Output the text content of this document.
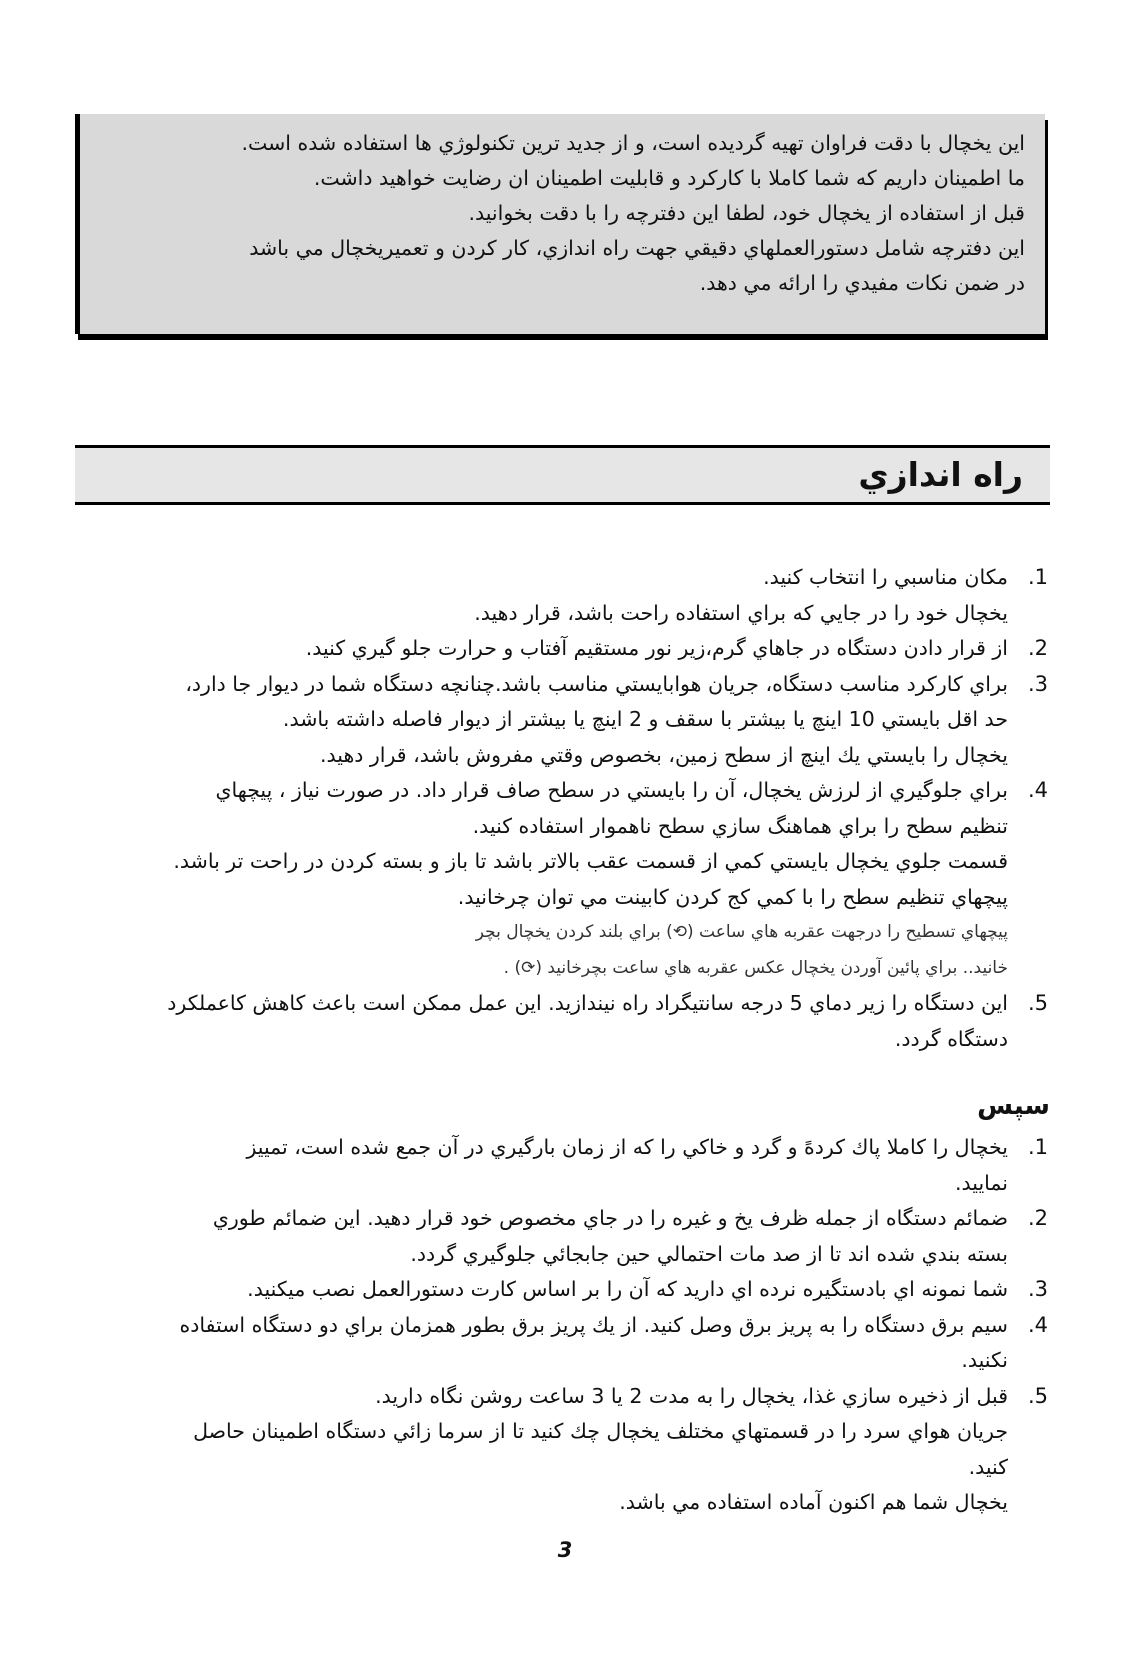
اين يخچال با دقت فراوان تهيه گرديده است، و از جديد ترين تكنولوژي ها استفاده شده است.

ما اطمينان داريم كه شما كاملا با كاركرد و قابليت اطمينان ان رضايت خواهيد داشت.

قبل از استفاده از يخچال خود، لطفا اين دفترچه را با دقت بخوانيد.

اين دفترچه شامل دستورالعملهاي دقيقي جهت راه اندازي، كار كردن و تعميريخچال مي باشد

در ضمن نكات مفيدي را ارائه مي دهد.

راه اندازي
1.
مكان مناسبي را انتخاب كنيد.
يخچال خود را در جايي كه براي استفاده راحت باشد، قرار دهيد.
2.
از قرار دادن دستگاه در جاهاي گرم،زير نور مستقيم آفتاب و حرارت جلو گيري كنيد.
3.
براي كاركرد مناسب دستگاه، جريان هوابايستي مناسب باشد.چنانچه دستگاه شما در ديوار جا دارد،
حد اقل بايستي 10 اينچ يا بيشتر با سقف و 2 اينچ يا بيشتر از ديوار فاصله داشته باشد.
يخچال را بايستي يك اينچ از سطح زمين، بخصوص وقتي مفروش باشد، قرار دهيد.
4.
براي جلوگيري از لرزش يخچال، آن را بايستي در سطح صاف قرار داد. در صورت نياز ، پيچهاي
تنظيم سطح را براي هماهنگ سازي سطح ناهموار استفاده كنيد.
قسمت جلوي يخچال بايستي كمي از قسمت عقب بالاتر باشد تا باز و بسته كردن در راحت تر باشد.
پيچهاي تنظيم سطح را با كمي كج كردن كابينت مي توان چرخانيد.
پيچهاي تسطيح را درجهت عقربه هاي ساعت (⟲) براي بلند كردن يخچال بچر
خانيد.. براي پائين آوردن يخچال عكس عقربه هاي ساعت بچرخانيد (⟳) .
5.
اين دستگاه را زير دماي 5 درجه سانتيگراد راه نيندازيد. اين عمل ممكن است باعث كاهش كاعملكرد
دستگاه گردد.
سپس
1.
يخچال را كاملا پاك كردهً و گرد و خاكي را كه از زمان بارگيري در آن جمع شده است، تمييز
نماييد.
2.
ضمائم دستگاه از جمله ظرف يخ و غيره را در جاي مخصوص خود قرار دهيد. اين ضمائم طوري
بسته بندي شده اند تا از صد مات احتمالي حين جابجائي جلوگيري گردد.
3.
شما نمونه اي بادستگيره نرده اي داريد كه آن را بر اساس كارت دستورالعمل نصب ميكنيد.
4.
سيم برق دستگاه را به پريز برق وصل كنيد. از يك پريز برق بطور همزمان براي دو دستگاه استفاده
نكنيد.
5.
قبل از ذخيره سازي غذا، يخچال را به مدت 2 يا 3 ساعت روشن نگاه داريد.
جريان هواي سرد را در قسمتهاي مختلف يخچال چك كنيد تا از سرما زائي دستگاه اطمينان حاصل
كنيد.
يخچال شما هم اكنون آماده استفاده مي باشد.
3
